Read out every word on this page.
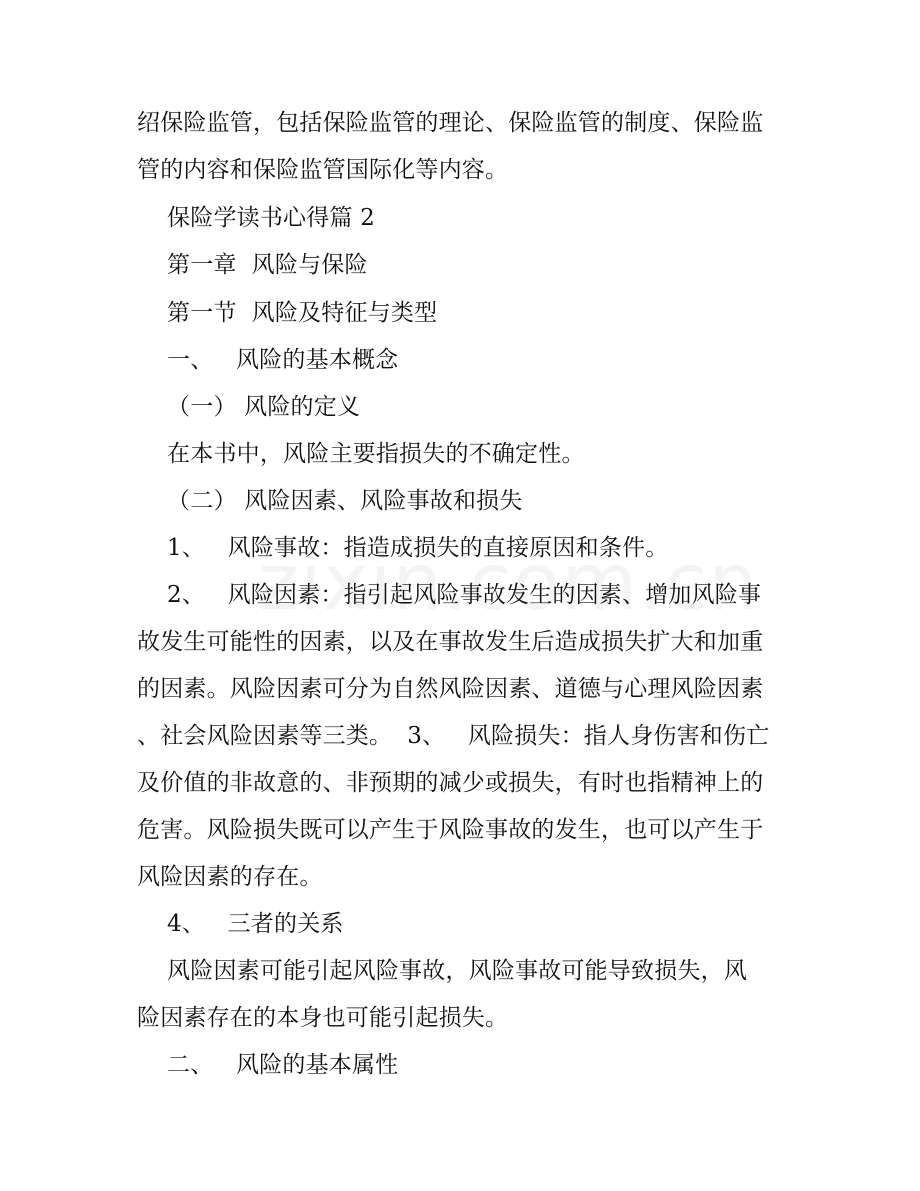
绍保险监管，包括保险监管的理论、保险监管的制度、保险监
管的内容和保险监管国际化等内容。
保险学读书心得篇 2
第一章  风险与保险
第一节  风险及特征与类型
一、   风险的基本概念
（一） 风险的定义
在本书中，风险主要指损失的不确定性。
（二） 风险因素、风险事故和损失
1、   风险事故：指造成损失的直接原因和条件。
2、   风险因素：指引起风险事故发生的因素、增加风险事
故发生可能性的因素，以及在事故发生后造成损失扩大和加重
的因素。风险因素可分为自然风险因素、道德与心理风险因素
、社会风险因素等三类。  3、   风险损失：指人身伤害和伤亡
及价值的非故意的、非预期的减少或损失，有时也指精神上的
危害。风险损失既可以产生于风险事故的发生，也可以产生于
风险因素的存在。
4、   三者的关系
风险因素可能引起风险事故，风险事故可能导致损失，风
险因素存在的本身也可能引起损失。
二、   风险的基本属性
